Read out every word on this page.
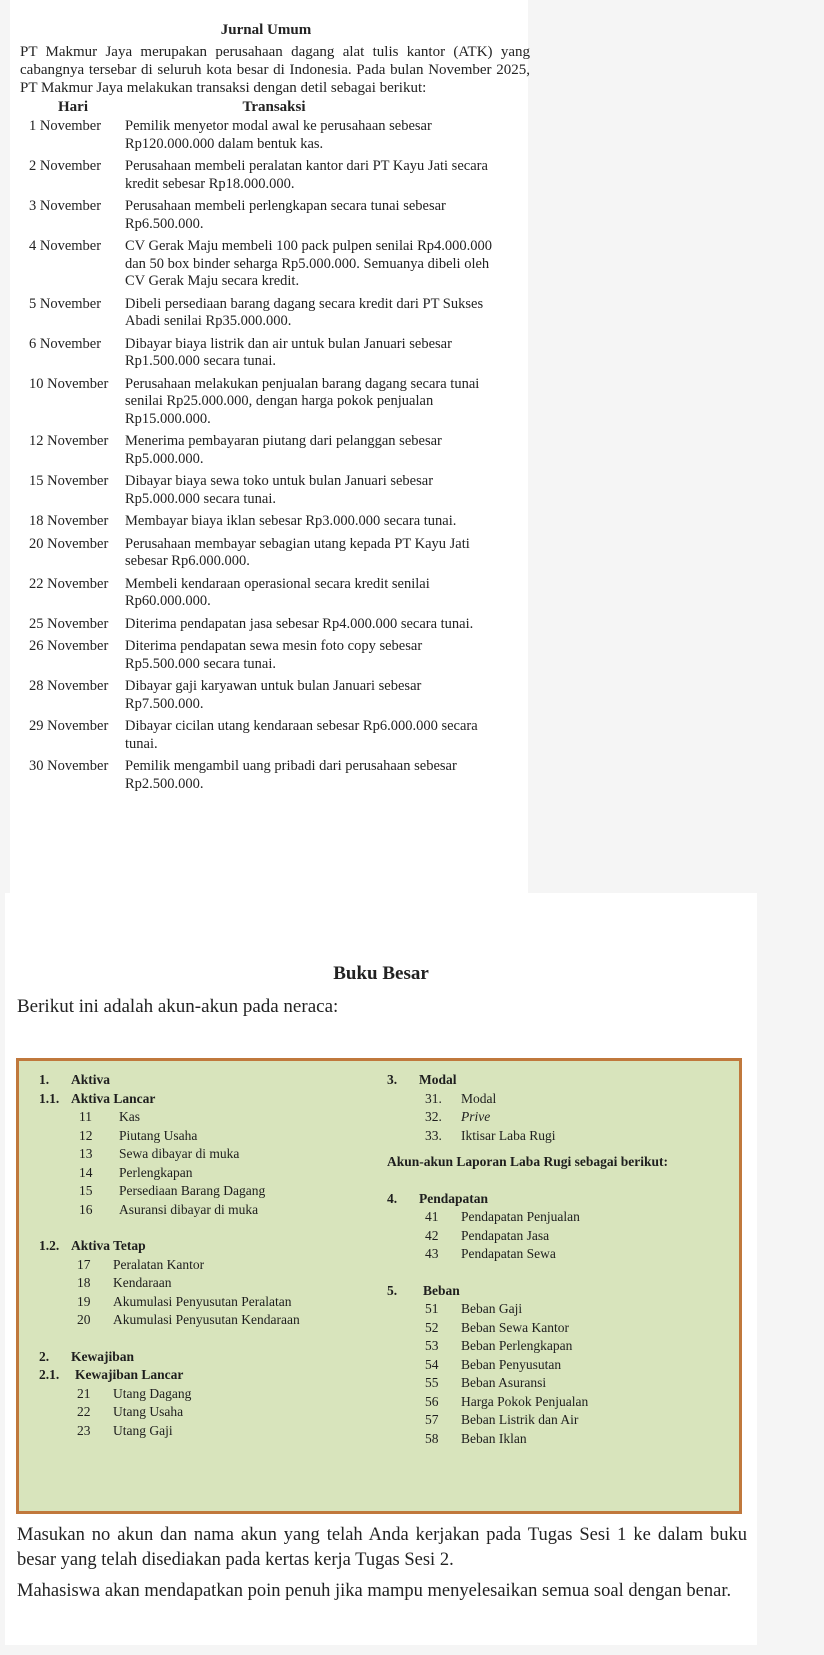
Jurnal Umum

PT Makmur Jaya merupakan perusahaan dagang alat tulis kantor (ATK) yang cabangnya tersebar di seluruh kota besar di Indonesia. Pada bulan November 2025, PT Makmur Jaya melakukan transaksi dengan detil sebagai berikut:

Hari	Transaksi
1 November	Pemilik menyetor modal awal ke perusahaan sebesar Rp120.000.000 dalam bentuk kas.
2 November	Perusahaan membeli peralatan kantor dari PT Kayu Jati secara kredit sebesar Rp18.000.000.
3 November	Perusahaan membeli perlengkapan secara tunai sebesar Rp6.500.000.
4 November	CV Gerak Maju membeli 100 pack pulpen senilai Rp4.000.000 dan 50 box binder seharga Rp5.000.000. Semuanya dibeli oleh CV Gerak Maju secara kredit.
5 November	Dibeli persediaan barang dagang secara kredit dari PT Sukses Abadi senilai Rp35.000.000.
6 November	Dibayar biaya listrik dan air untuk bulan Januari sebesar Rp1.500.000 secara tunai.
10 November	Perusahaan melakukan penjualan barang dagang secara tunai senilai Rp25.000.000, dengan harga pokok penjualan Rp15.000.000.
12 November	Menerima pembayaran piutang dari pelanggan sebesar Rp5.000.000.
15 November	Dibayar biaya sewa toko untuk bulan Januari sebesar Rp5.000.000 secara tunai.
18 November	Membayar biaya iklan sebesar Rp3.000.000 secara tunai.
20 November	Perusahaan membayar sebagian utang kepada PT Kayu Jati sebesar Rp6.000.000.
22 November	Membeli kendaraan operasional secara kredit senilai Rp60.000.000.
25 November	Diterima pendapatan jasa sebesar Rp4.000.000 secara tunai.
26 November	Diterima pendapatan sewa mesin foto copy sebesar Rp5.500.000 secara tunai.
28 November	Dibayar gaji karyawan untuk bulan Januari sebesar Rp7.500.000.
29 November	Dibayar cicilan utang kendaraan sebesar Rp6.000.000 secara tunai.
30 November	Pemilik mengambil uang pribadi dari perusahaan sebesar Rp2.500.000.
Buku Besar
Berikut ini adalah akun-akun pada neraca:
1.	Aktiva
1.1. Aktiva Lancar
11	Kas
12	Piutang Usaha
13	Sewa dibayar di muka
14	Perlengkapan
15	Persediaan Barang Dagang
16	Asuransi dibayar di muka
1.2. Aktiva Tetap
17	Peralatan Kantor
18	Kendaraan
19	Akumulasi Penyusutan Peralatan
20	Akumulasi Penyusutan Kendaraan
2.	Kewajiban
2.1.	Kewajiban Lancar
21	Utang Dagang
22	Utang Usaha
23	Utang Gaji
3.	Modal
31.	Modal
32.	Prive
33.	Iktisar Laba Rugi
Akun-akun Laporan Laba Rugi sebagai berikut:
4.	Pendapatan
41	Pendapatan Penjualan
42	Pendapatan Jasa
43	Pendapatan Sewa
5.	Beban
51	Beban Gaji
52	Beban Sewa Kantor
53	Beban Perlengkapan
54	Beban Penyusutan
55	Beban Asuransi
56	Harga Pokok Penjualan
57	Beban Listrik dan Air
58	Beban Iklan

Masukan no akun dan nama akun yang telah Anda kerjakan pada Tugas Sesi 1 ke dalam buku besar yang telah disediakan pada kertas kerja Tugas Sesi 2.

Mahasiswa akan mendapatkan poin penuh jika mampu menyelesaikan semua soal dengan benar.
